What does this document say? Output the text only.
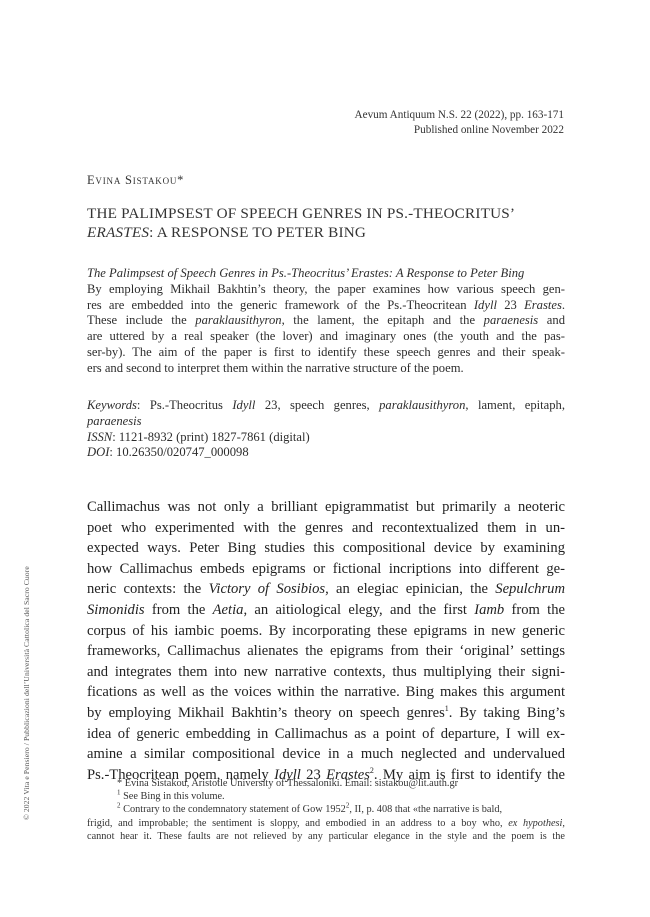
Aevum Antiquum N.S. 22 (2022), pp. 163-171
Published online November 2022
Evina Sistakou*
THE PALIMPSEST OF SPEECH GENRES IN PS.-THEOCRITUS’
ERASTES: A RESPONSE TO PETER BING
The Palimpsest of Speech Genres in Ps.-Theocritus’ Erastes: A Response to Peter Bing
By employing Mikhail Bakhtin’s theory, the paper examines how various speech gen-
res are embedded into the generic framework of the Ps.-Theocritean Idyll 23 Erastes.
These include the paraklausithyron, the lament, the epitaph and the paraenesis and
are uttered by a real speaker (the lover) and imaginary ones (the youth and the pas-
ser-by). The aim of the paper is first to identify these speech genres and their speak-
ers and second to interpret them within the narrative structure of the poem.
Keywords: Ps.-Theocritus Idyll 23, speech genres, paraklausithyron, lament, epitaph,
paraenesis
ISSN: 1121-8932 (print) 1827-7861 (digital)
DOI: 10.26350/020747_000098
© 2022 Vita e Pensiero / Pubblicazioni dell’Università Cattolica del Sacro Cuore
Callimachus was not only a brilliant epigrammatist but primarily a neoteric
poet who experimented with the genres and recontextualized them in un-
expected ways. Peter Bing studies this compositional device by examining
how Callimachus embeds epigrams or fictional incriptions into different ge-
neric contexts: the Victory of Sosibios, an elegiac epinician, the Sepulchrum
Simonidis from the Aetia, an aitiological elegy, and the first Iamb from the
corpus of his iambic poems. By incorporating these epigrams in new generic
frameworks, Callimachus alienates the epigrams from their ‘original’ settings
and integrates them into new narrative contexts, thus multiplying their signi-
fications as well as the voices within the narrative. Bing makes this argument
by employing Mikhail Bakhtin’s theory on speech genres$^1$. By taking Bing’s
idea of generic embedding in Callimachus as a point of departure, I will ex-
amine a similar compositional device in a much neglected and undervalued
Ps.-Theocritean poem, namely Idyll 23 Erastes$^2$. My aim is first to identify the
* Evina Sistakou, Aristotle University of Thessaloniki. Email: sistakou@lit.auth.gr
$^1$ See Bing in this volume.
$^2$ Contrary to the condemnatory statement of Gow 1952$^2$, II, p. 408 that «the narrative is bald,
frigid, and improbable; the sentiment is sloppy, and embodied in an address to a boy who, ex hypothesi,
cannot hear it. These faults are not relieved by any particular elegance in the style and the poem is the
